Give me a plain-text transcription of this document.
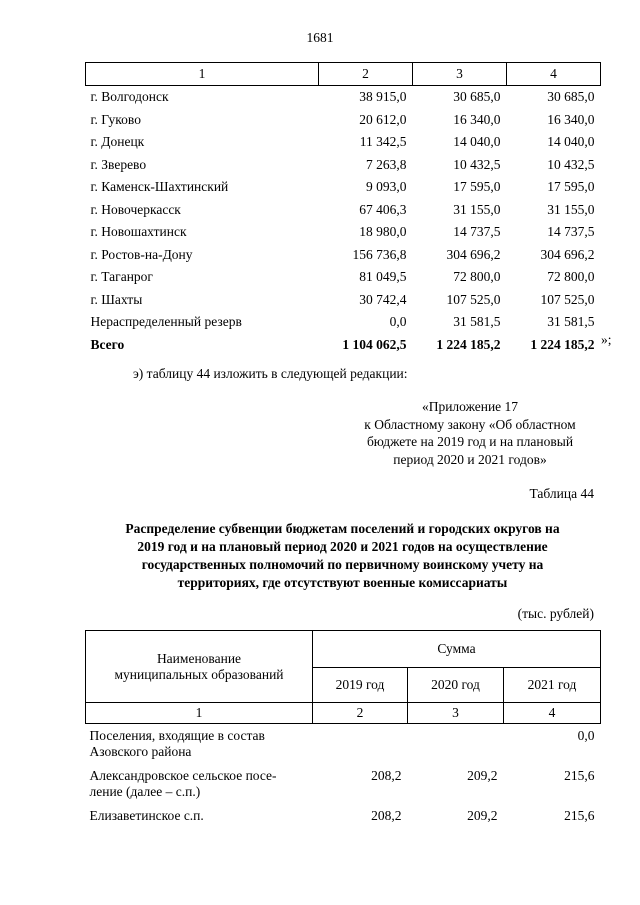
1681
1	2	3	4
г. Волгодонск	38 915,0	30 685,0	30 685,0
г. Гуково	20 612,0	16 340,0	16 340,0
г. Донецк	11 342,5	14 040,0	14 040,0
г. Зверево	7 263,8	10 432,5	10 432,5
г. Каменск-Шахтинский	9 093,0	17 595,0	17 595,0
г. Новочеркасск	67 406,3	31 155,0	31 155,0
г. Новошахтинск	18 980,0	14 737,5	14 737,5
г. Ростов-на-Дону	156 736,8	304 696,2	304 696,2
г. Таганрог	81 049,5	72 800,0	72 800,0
г. Шахты	30 742,4	107 525,0	107 525,0
Нераспределенный резерв	0,0	31 581,5	31 581,5
Всего	1 104 062,5	1 224 185,2	1 224 185,2 »;
э) таблицу 44 изложить в следующей редакции:
«Приложение 17
к Областному закону «Об областном
бюджете на 2019 год и на плановый
период 2020 и 2021 годов»
Таблица 44
Распределение субвенции бюджетам поселений и городских округов на
2019 год и на плановый период 2020 и 2021 годов на осуществление
государственных полномочий по первичному воинскому учету на
территориях, где отсутствуют военные комиссариаты
(тыс. рублей)
Наименование
муниципальных образований	Сумма		
	2019 год	2020 год	2021 год
1	2	3	4

Поселения, входящие в состав
Азовского района			0,0

Александровское сельское посе-
ление (далее – с.п.)	208,2	209,2	215,6

Елизаветинское с.п.	208,2	209,2	215,6
